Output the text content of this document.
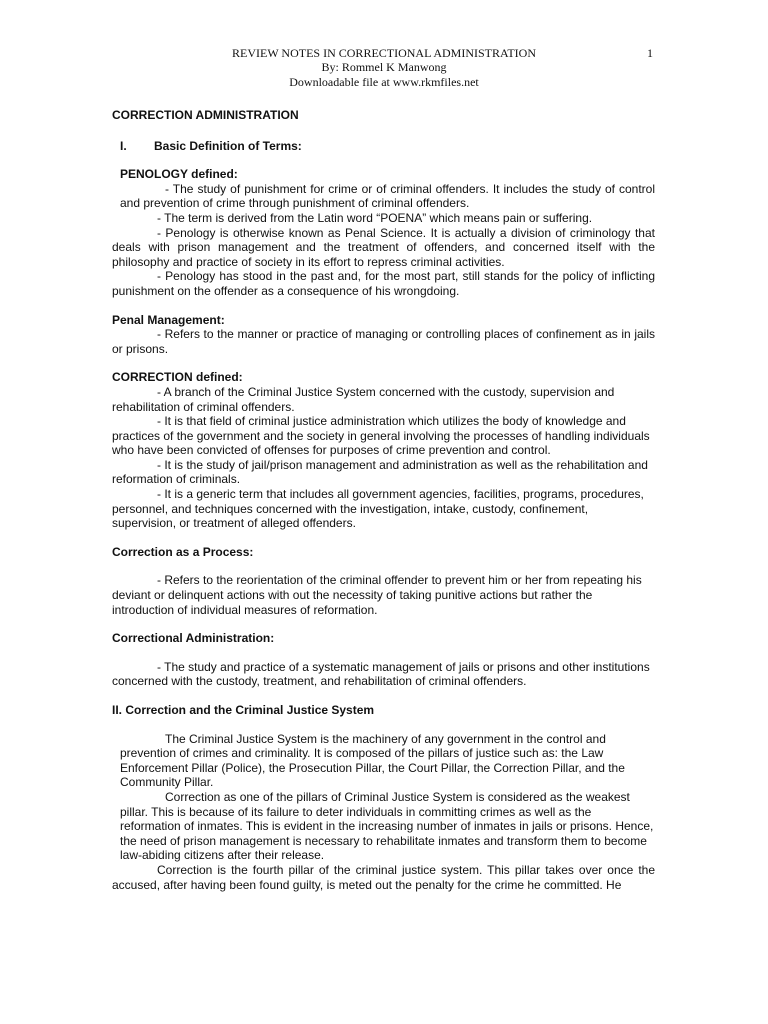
REVIEW NOTES IN CORRECTIONAL ADMINISTRATION
By: Rommel K Manwong
Downloadable file at www.rkmfiles.net
1
CORRECTION ADMINISTRATION
I. Basic Definition of Terms:
PENOLOGY defined:

- The study of punishment for crime or of criminal offenders. It includes the study of control and prevention of crime through punishment of criminal offenders.

- The term is derived from the Latin word “POENA” which means pain or suffering.

- Penology is otherwise known as Penal Science. It is actually a division of criminology that deals with prison management and the treatment of offenders, and concerned itself with the philosophy and practice of society in its effort to repress criminal activities.

- Penology has stood in the past and, for the most part, still stands for the policy of inflicting punishment on the offender as a consequence of his wrongdoing.

Penal Management:

- Refers to the manner or practice of managing or controlling places of confinement as in jails or prisons.

CORRECTION defined:

- A branch of the Criminal Justice System concerned with the custody, supervision and rehabilitation of criminal offenders.

- It is that field of criminal justice administration which utilizes the body of knowledge and practices of the government and the society in general involving the processes of handling individuals who have been convicted of offenses for purposes of crime prevention and control.

- It is the study of jail/prison management and administration as well as the rehabilitation and reformation of criminals.

- It is a generic term that includes all government agencies, facilities, programs, procedures, personnel, and techniques concerned with the investigation, intake, custody, confinement, supervision, or treatment of alleged offenders.

Correction as a Process:

- Refers to the reorientation of the criminal offender to prevent him or her from repeating his deviant or delinquent actions with out the necessity of taking punitive actions but rather the introduction of individual measures of reformation.

Correctional Administration:

- The study and practice of a systematic management of jails or prisons and other institutions concerned with the custody, treatment, and rehabilitation of criminal offenders.

II. Correction and the Criminal Justice System

The Criminal Justice System is the machinery of any government in the control and prevention of crimes and criminality. It is composed of the pillars of justice such as: the Law Enforcement Pillar (Police), the Prosecution Pillar, the Court Pillar, the Correction Pillar, and the Community Pillar.

Correction as one of the pillars of Criminal Justice System is considered as the weakest pillar. This is because of its failure to deter individuals in committing crimes as well as the reformation of inmates. This is evident in the increasing number of inmates in jails or prisons. Hence, the need of prison management is necessary to rehabilitate inmates and transform them to become law-abiding citizens after their release.

Correction is the fourth pillar of the criminal justice system. This pillar takes over once the accused, after having been found guilty, is meted out the penalty for the crime he committed. He
